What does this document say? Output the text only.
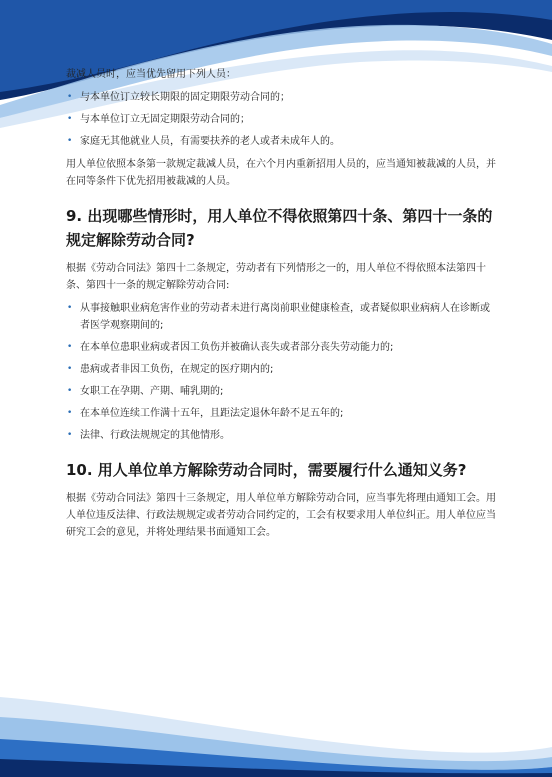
裁减人员时，应当优先留用下列人员：

• 与本单位订立较长期限的固定期限劳动合同的；
• 与本单位订立无固定期限劳动合同的；
• 家庭无其他就业人员，有需要扶养的老人或者未成年人的。

用人单位依照本条第一款规定裁减人员，在六个月内重新招用人员的，应当通知被裁减的人员，并在同等条件下优先招用被裁减的人员。

9. 出现哪些情形时，用人单位不得依照第四十条、第四十一条的规定解除劳动合同?

根据《劳动合同法》第四十二条规定，劳动者有下列情形之一的，用人单位不得依照本法第四十条、第四十一条的规定解除劳动合同:

• 从事接触职业病危害作业的劳动者未进行离岗前职业健康检查，或者疑似职业病病人在诊断或者医学观察期间的;
• 在本单位患职业病或者因工负伤并被确认丧失或者部分丧失劳动能力的;
• 患病或者非因工负伤，在规定的医疗期内的;
• 女职工在孕期、产期、哺乳期的;
• 在本单位连续工作满十五年，且距法定退休年龄不足五年的;
• 法律、行政法规规定的其他情形。
10. 用人单位单方解除劳动合同时，需要履行什么通知义务?

根据《劳动合同法》第四十三条规定，用人单位单方解除劳动合同，应当事先将理由通知工会。用人单位违反法律、行政法规规定或者劳动合同约定的，工会有权要求用人单位纠正。用人单位应当研究工会的意见，并将处理结果书面通知工会。
